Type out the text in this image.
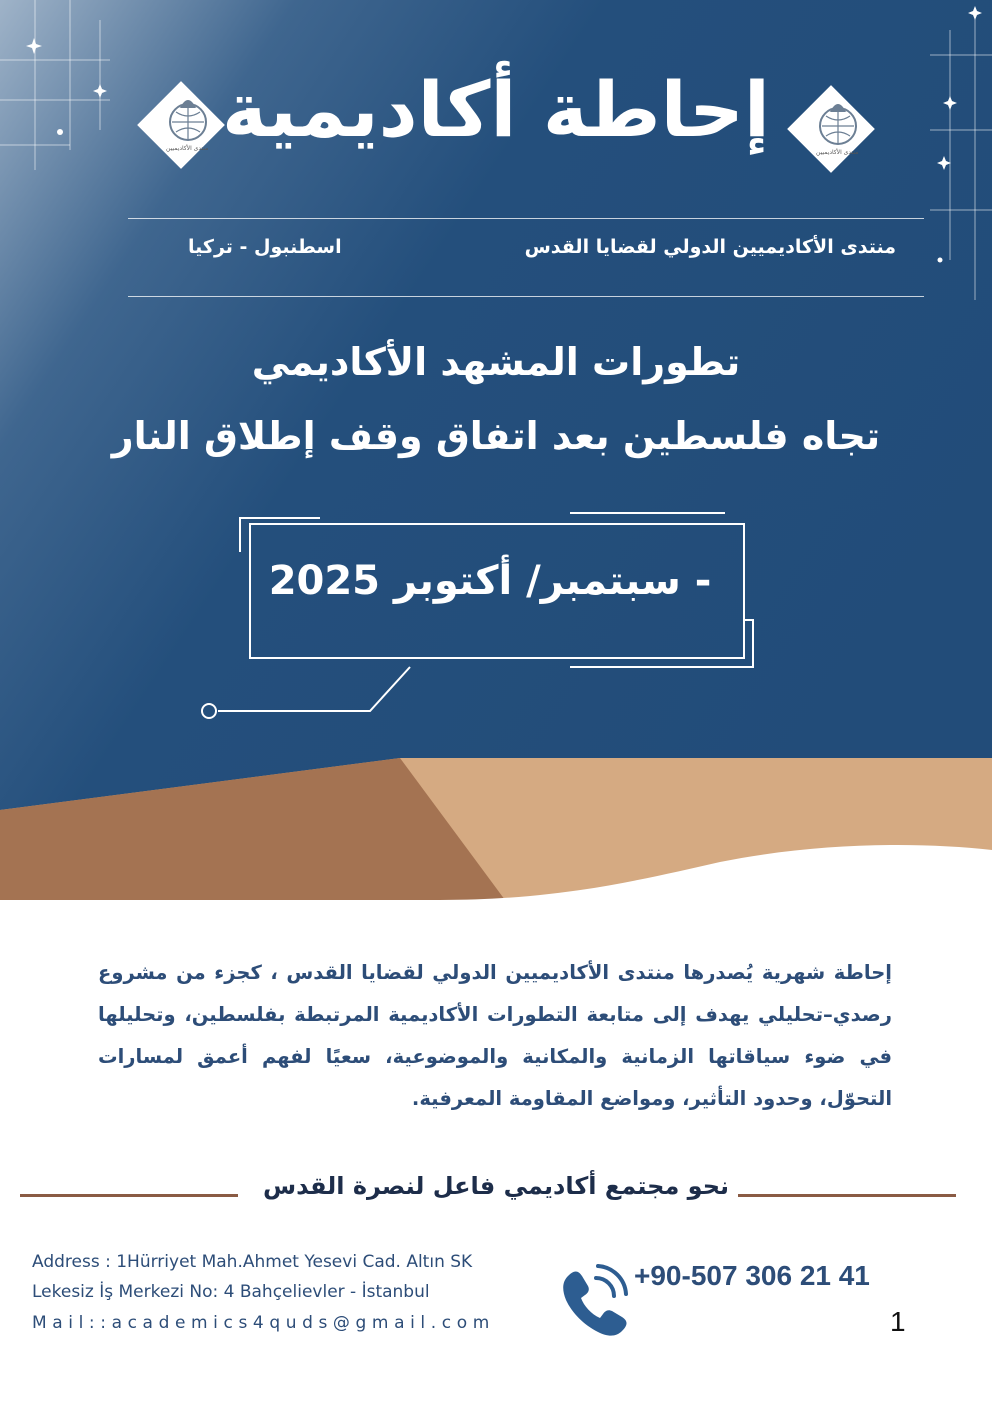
منتدى الأكاديميين
منتدى الأكاديميين
إحاطة أكاديمية
منتدى الأكاديميين الدولي لقضايا القدس
اسطنبول - تركيا
تطورات المشهد الأكاديمي
تجاه فلسطين بعد اتفاق وقف إطلاق النار
- سبتمبر/ أكتوبر 2025
إحاطة شهرية يُصدرها منتدى الأكاديميين الدولي لقضايا القدس ، كجزء من مشروع رصدي–تحليلي يهدف إلى متابعة التطورات الأكاديمية المرتبطة بفلسطين، وتحليلها في ضوء سياقاتها الزمانية والمكانية والموضوعية، سعيًا لفهم أعمق لمسارات التحوّل، وحدود التأثير، ومواضع المقاومة المعرفية.
نحو مجتمع أكاديمي فاعل لنصرة القدس
Address : 1Hürriyet Mah.Ahmet Yesevi Cad. Altın SK
Lekesiz İş Merkezi No: 4 Bahçelievler - İstanbul
Mail::academics4quds@gmail.com
+90-507 306 21 41
1
